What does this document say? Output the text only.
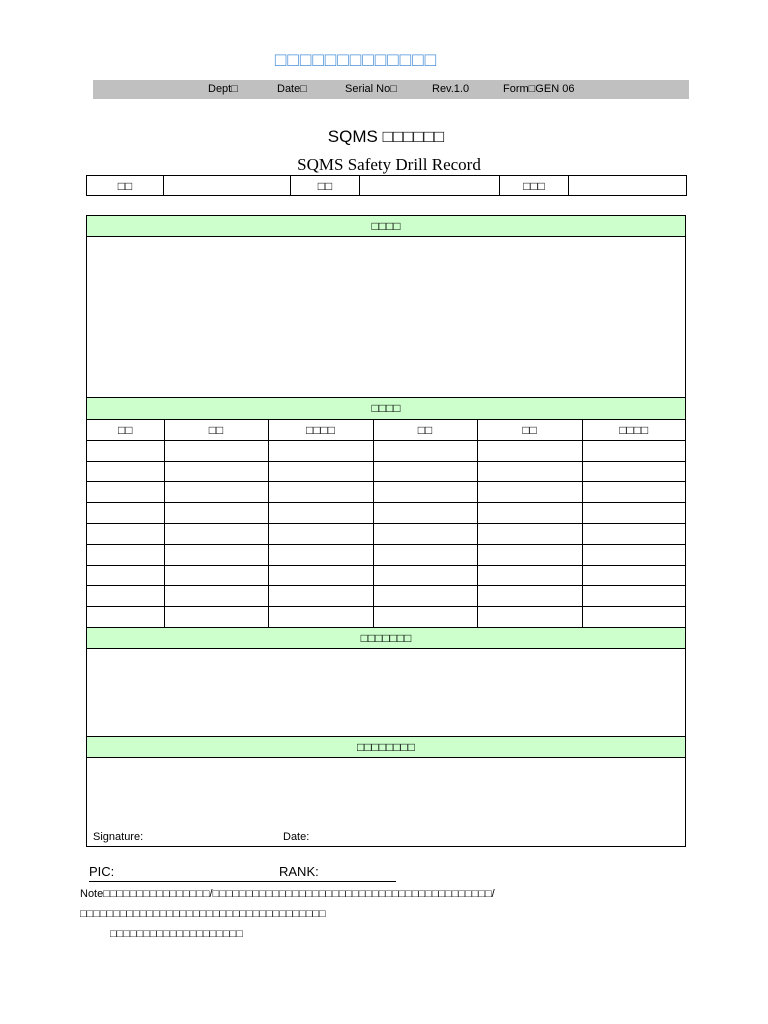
□□□□□□□□□□□□□
Dept□	Date□	Serial No□	Rev.1.0	Form□GEN 06
SQMS □□□□□□
SQMS Safety Drill Record
□□		□□		□□□	
□□□□
□□□□
□□	□□	□□□□	□□	□□	□□□□

□□□□□□□
□□□□□□□□
Signature:	Date:
PIC:	RANK:
Note□□□□□□□□□□□□□□□□/□□□□□□□□□□□□□□□□□□□□□□□□□□□□□□□□□□□□□□□□□□/□□□□□□□□□□□□□□□□□□□□□□□□□□□□□□□□□□□□□
□□□□□□□□□□□□□□□□□□□□
